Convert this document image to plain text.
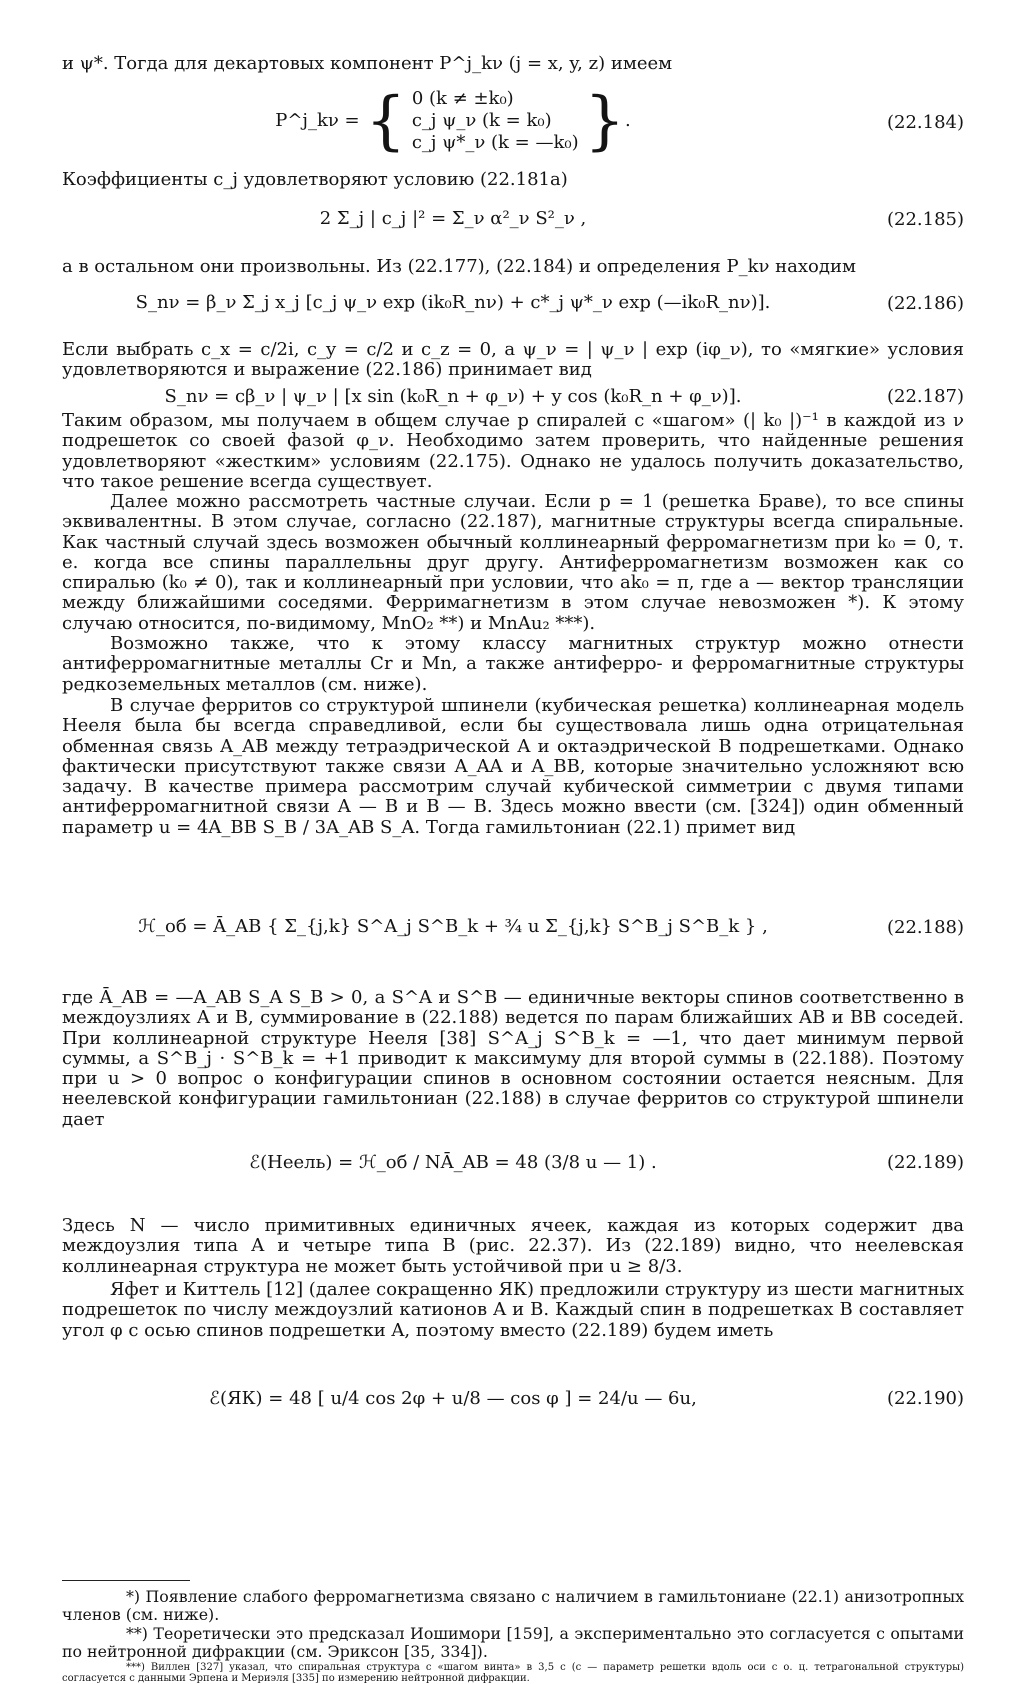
и ψ*. Тогда для декартовых компонент P^j_kν (j = x, y, z) имеем

P^j_kν = { 0 (k ≠ ±k₀)
c_j ψ_ν (k = k₀)
c_j ψ*_ν (k = —k₀) }.	(22.184)

Коэффициенты c_j удовлетворяют условию (22.181а)

2 Σ_j | c_j |² = Σ_ν α²_ν S²_ν ,	(22.185)

а в остальном они произвольны. Из (22.177), (22.184) и определения P_kν находим

S_nν = β_ν Σ_j x_j [c_j ψ_ν exp (ik₀R_nν) + c*_j ψ*_ν exp (—ik₀R_nν)].	(22.186)

Если выбрать c_x = c/2i, c_y = c/2 и c_z = 0, а ψ_ν = | ψ_ν | exp (iφ_ν), то «мягкие» условия удовлетворяются и выражение (22.186) принимает вид

S_nν = cβ_ν | ψ_ν | [x sin (k₀R_n + φ_ν) + y cos (k₀R_n + φ_ν)].	(22.187)

Таким образом, мы получаем в общем случае p спиралей с «шагом» (| k₀ |)⁻¹ в каждой из ν подрешеток со своей фазой φ_ν. Необходимо затем проверить, что найденные решения удовлетворяют «жестким» условиям (22.175). Однако не удалось получить доказательство, что такое решение всегда существует.

Далее можно рассмотреть частные случаи. Если p = 1 (решетка Браве), то все спины эквивалентны. В этом случае, согласно (22.187), магнитные структуры всегда спиральные. Как частный случай здесь возможен обычный коллинеарный ферромагнетизм при k₀ = 0, т. е. когда все спины параллельны друг другу. Антиферромагнетизм возможен как со спиралью (k₀ ≠ 0), так и коллинеарный при условии, что ak₀ = π, где a — вектор трансляции между ближайшими соседями. Ферримагнетизм в этом случае невозможен *). К этому случаю относится, по-видимому, MnO₂ **) и MnAu₂ ***).

Возможно также, что к этому классу магнитных структур можно отнести антиферромагнитные металлы Cr и Mn, а также антиферро- и ферромагнитные структуры редкоземельных металлов (см. ниже).

В случае ферритов со структурой шпинели (кубическая решетка) коллинеарная модель Нееля была бы всегда справедливой, если бы существовала лишь одна отрицательная обменная связь A_AB между тетраэдрической A и октаэдрической B подрешетками. Однако фактически присутствуют также связи A_AA и A_BB, которые значительно усложняют всю задачу. В качестве примера рассмотрим случай кубической симметрии с двумя типами антиферромагнитной связи A — B и B — B. Здесь можно ввести (см. [324]) один обменный параметр u = 4A_BB S_B / 3A_AB S_A. Тогда гамильтониан (22.1) примет вид

ℋ_об = Ā_AB { Σ_{j,k} S^A_j S^B_k + ¾ u Σ_{j,k} S^B_j S^B_k } ,	(22.188)

где Ā_AB = —A_AB S_A S_B > 0, а S^A и S^B — единичные векторы спинов соответственно в междоузлиях A и B, суммирование в (22.188) ведется по парам ближайших AB и BB соседей. При коллинеарной структуре Нееля [38] S^A_j S^B_k = —1, что дает минимум первой суммы, а S^B_j · S^B_k = +1 приводит к максимуму для второй суммы в (22.188). Поэтому при u > 0 вопрос о конфигурации спинов в основном состоянии остается неясным. Для неелевской конфигурации гамильтониан (22.188) в случае ферритов со структурой шпинели дает

ℰ(Неель) = ℋ_об / NĀ_AB = 48 (3/8 u — 1) .	(22.189)

Здесь N — число примитивных единичных ячеек, каждая из которых содержит два междоузлия типа A и четыре типа B (рис. 22.37). Из (22.189) видно, что неелевская коллинеарная структура не может быть устойчивой при u ≥ 8/3.

Яфет и Киттель [12] (далее сокращенно ЯК) предложили структуру из шести магнитных подрешеток по числу междоузлий катионов A и B. Каждый спин в подрешетках B составляет угол φ с осью спинов подрешетки A, поэтому вместо (22.189) будем иметь

ℰ(ЯК) = 48 [ u/4 cos 2φ + u/8 — cos φ ] = 24/u — 6u,	(22.190)

*) Появление слабого ферромагнетизма связано с наличием в гамильтониане (22.1) анизотропных членов (см. ниже).

**) Теоретически это предсказал Иошимори [159], а экспериментально это согласуется с опытами по нейтронной дифракции (см. Эриксон [35, 334]).

***) Виллен [327] указал, что спиральная структура с «шагом винта» в 3,5 c (c — параметр решетки вдоль оси c о. ц. тетрагональной структуры) согласуется с данными Эрпена и Мериэля [335] по измерению нейтронной дифракции.
